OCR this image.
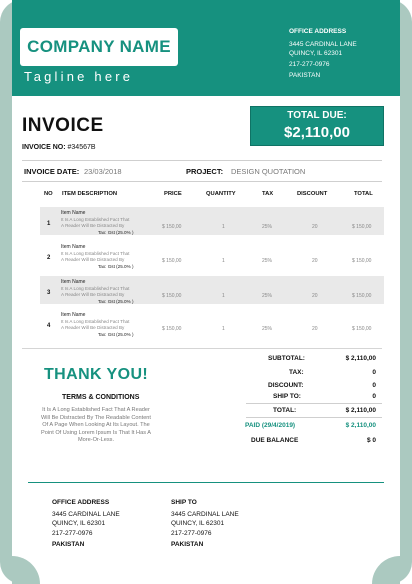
COMPANY NAME
Tagline here
OFFICE ADDRESS
3445 CARDINAL LANE
QUINCY, IL 62301
217-277-0976
PAKISTAN
INVOICE
INVOICE NO: #34567B
TOTAL DUE:
$2,110,00
INVOICE DATE: 23/03/2018	PROJECT: DESIGN QUOTATION
NO ITEM DESCRIPTION	PRICE	QUANTITY	TAX	DISCOUNT	TOTAL
1
Item Name
It Is A Long Established Fact That
A Reader Will Be Distracted By
Tax: Gst (25.0% )
$ 150,00	1	25%	20	$ 150,00
2
Item Name
It Is A Long Established Fact That
A Reader Will Be Distracted By
Tax: Gst (25.0% )
$ 150,00	1	25%	20	$ 150,00
3
Item Name
It Is A Long Established Fact That
A Reader Will Be Distracted By
Tax: Gst (25.0% )
$ 150,00	1	25%	20	$ 150,00
4
Item Name
It Is A Long Established Fact That
A Reader Will Be Distracted By
Tax: Gst (25.0% )
$ 150,00	1	25%	20	$ 150,00
THANK YOU!
TERMS & CONDITIONS
It Is A Long Established Fact That A Reader Will Be Distracted By The Readable Content Of A Page When Looking At Its Layout. The Point Of Using Lorem Ipsum Is That It Has A More-Or-Less.
SUBTOTAL:	$ 2,110,00
TAX:	0
DISCOUNT:	0
SHIP TO:	0
TOTAL:	$ 2,110,00
PAID (29/4/2019)	$ 2,110,00
DUE BALANCE	$ 0
OFFICE ADDRESS
3445 CARDINAL LANE
QUINCY, IL 62301
217-277-0976
PAKISTAN
SHIP TO
3445 CARDINAL LANE
QUINCY, IL 62301
217-277-0976
PAKISTAN
